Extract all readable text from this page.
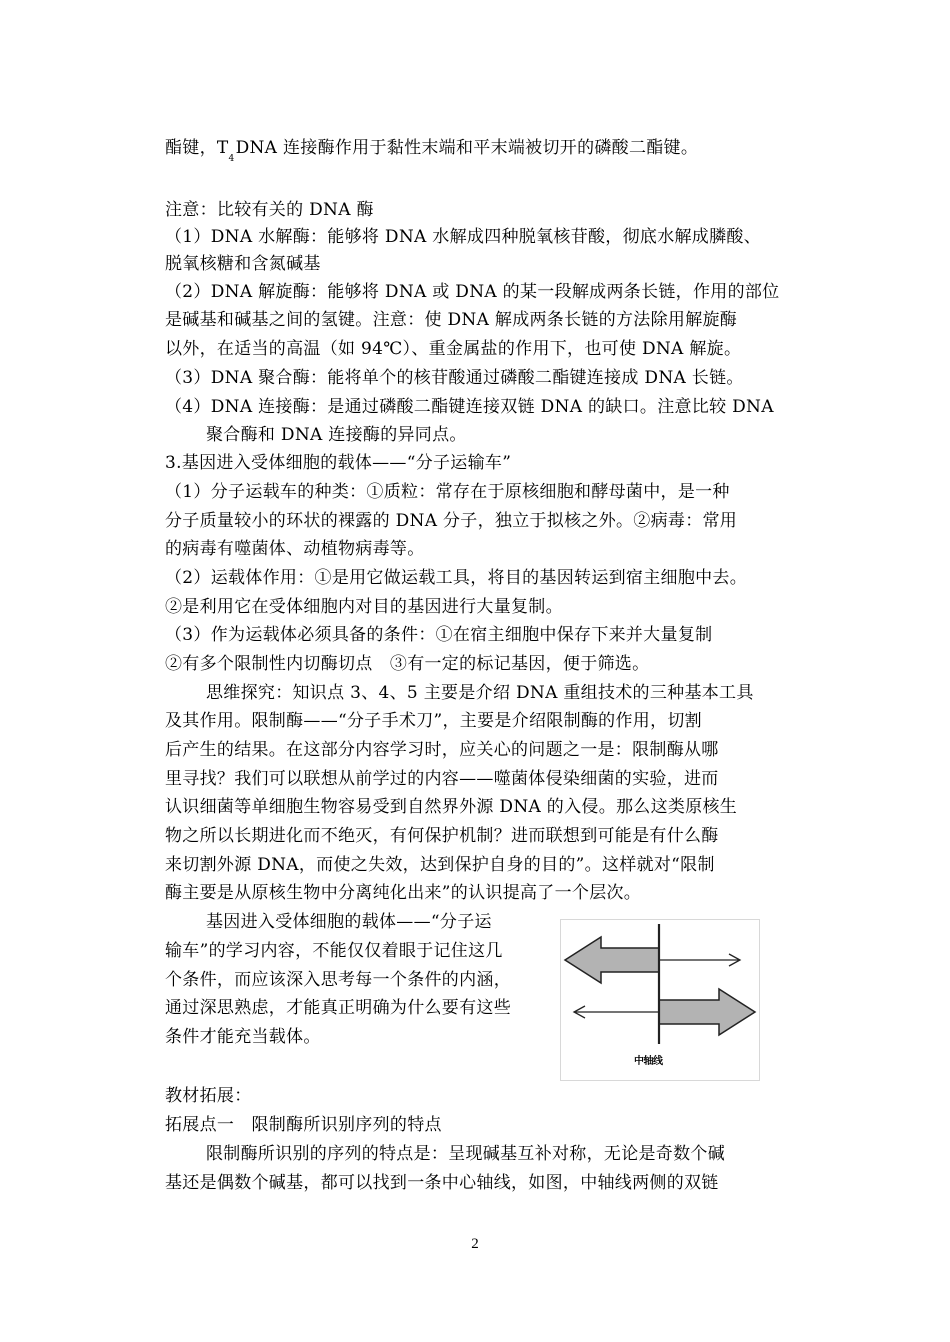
酯键，$T_4DNA$ 连接酶作用于黏性末端和平末端被切开的磷酸二酯键。
注意：比较有关的 DNA 酶
（1）DNA 水解酶：能够将 DNA 水解成四种脱氧核苷酸，彻底水解成膦酸、
脱氧核糖和含氮碱基
（2）DNA 解旋酶：能够将 DNA 或 DNA 的某一段解成两条长链，作用的部位
是碱基和碱基之间的氢键。注意：使 DNA 解成两条长链的方法除用解旋酶
以外，在适当的高温（如 94℃）、重金属盐的作用下，也可使 DNA 解旋。
（3）DNA 聚合酶：能将单个的核苷酸通过磷酸二酯键连接成 DNA 长链。
（4）DNA 连接酶：是通过磷酸二酯键连接双链 DNA 的缺口。注意比较 DNA
聚合酶和 DNA 连接酶的异同点。
3.基因进入受体细胞的载体——“分子运输车”
（1）分子运载车的种类：①质粒：常存在于原核细胞和酵母菌中，是一种
分子质量较小的环状的裸露的 DNA 分子，独立于拟核之外。②病毒：常用
的病毒有噬菌体、动植物病毒等。
（2）运载体作用：①是用它做运载工具，将目的基因转运到宿主细胞中去。
②是利用它在受体细胞内对目的基因进行大量复制。
（3）作为运载体必须具备的条件：①在宿主细胞中保存下来并大量复制
②有多个限制性内切酶切点　③有一定的标记基因，便于筛选。
思维探究：知识点 3、4、5 主要是介绍 DNA 重组技术的三种基本工具
及其作用。限制酶——“分子手术刀”，主要是介绍限制酶的作用，切割
后产生的结果。在这部分内容学习时，应关心的问题之一是：限制酶从哪
里寻找？我们可以联想从前学过的内容——噬菌体侵染细菌的实验，进而
认识细菌等单细胞生物容易受到自然界外源 DNA 的入侵。那么这类原核生
物之所以长期进化而不绝灭，有何保护机制？进而联想到可能是有什么酶
来切割外源 DNA，而使之失效，达到保护自身的目的”。这样就对“限制
酶主要是从原核生物中分离纯化出来”的认识提高了一个层次。
基因进入受体细胞的载体——“分子运
输车”的学习内容，不能仅仅着眼于记住这几
个条件，而应该深入思考每一个条件的内涵，
通过深思熟虑，才能真正明确为什么要有这些
条件才能充当载体。
中轴线
教材拓展：
拓展点一　限制酶所识别序列的特点
限制酶所识别的序列的特点是：呈现碱基互补对称，无论是奇数个碱
基还是偶数个碱基，都可以找到一条中心轴线，如图，中轴线两侧的双链
2
